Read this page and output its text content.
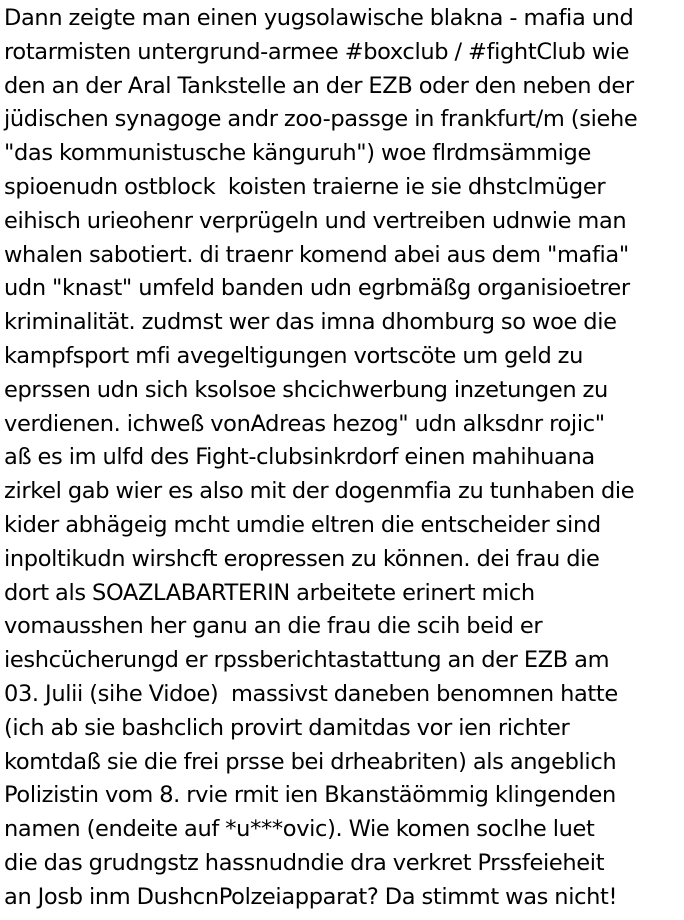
Dann zeigte man einen yugsolawische blakna - mafia und
rotarmisten untergrund-armee #boxclub / #fightClub wie
den an der Aral Tankstelle an der EZB oder den neben der
jüdischen synagoge andr zoo-passge in frankfurt/m (siehe
"das kommunistusche känguruh") woe flrdmsämmige
spioenudn ostblock  koisten traierne ie sie dhstclmüger
eihisch urieohenr verprügeln und vertreiben udnwie man
whalen sabotiert. di traenr komend abei aus dem "mafia"
udn "knast" umfeld banden udn egrbmäßg organisioetrer
kriminalität. zudmst wer das imna dhomburg so woe die
kampfsport mfi avegeltigungen vortscöte um geld zu
eprssen udn sich ksolsoe shcichwerbung inzetungen zu
verdienen. ichweß vonAdreas hezog" udn alksdnr rojic"
aß es im ulfd des Fight-clubsinkrdorf einen mahihuana
zirkel gab wier es also mit der dogenmfia zu tunhaben die
kider abhägeig mcht umdie eltren die entscheider sind
inpoltikudn wirshcft eropressen zu können. dei frau die
dort als SOAZLABARTERIN arbeitete erinert mich
vomausshen her ganu an die frau die scih beid er
ieshcücherungd er rpssberichtastattung an der EZB am
03. Julii (sihe Vidoe)  massivst daneben benomnen hatte
(ich ab sie bashclich provirt damitdas vor ien richter
komtdaß sie die frei prsse bei drheabriten) als angeblich
Polizistin vom 8. rvie rmit ien Bkanstäömmig klingenden
namen (endeite auf *u***ovic). Wie komen soclhe luet
die das grudngstz hassnudndie dra verkret Prssfeieheit
an Josb inm DushcnPolzeiapparat? Da stimmt was nicht!
